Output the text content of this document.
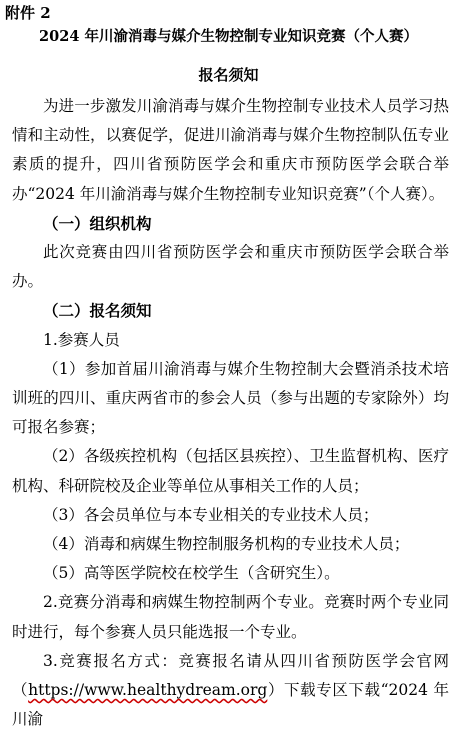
附件 2
2024 年川渝消毒与媒介生物控制专业知识竞赛（个人赛）
报名须知

为进一步激发川渝消毒与媒介生物控制专业技术人员学习热情和主动性，以赛促学，促进川渝消毒与媒介生物控制队伍专业素质的提升，四川省预防医学会和重庆市预防医学会联合举办“2024 年川渝消毒与媒介生物控制专业知识竞赛”（个人赛）。

（一）组织机构

此次竞赛由四川省预防医学会和重庆市预防医学会联合举办。

（二）报名须知

1.参赛人员

（1）参加首届川渝消毒与媒介生物控制大会暨消杀技术培训班的四川、重庆两省市的参会人员（参与出题的专家除外）均可报名参赛；

（2）各级疾控机构（包括区县疾控）、卫生监督机构、医疗机构、科研院校及企业等单位从事相关工作的人员；

（3）各会员单位与本专业相关的专业技术人员；

（4）消毒和病媒生物控制服务机构的专业技术人员；

（5）高等医学院校在校学生（含研究生）。

2.竞赛分消毒和病媒生物控制两个专业。竞赛时两个专业同时进行，每个参赛人员只能选报一个专业。

3.竞赛报名方式：竞赛报名请从四川省预防医学会官网（https://www.healthydream.org）下载专区下载“2024 年川渝
